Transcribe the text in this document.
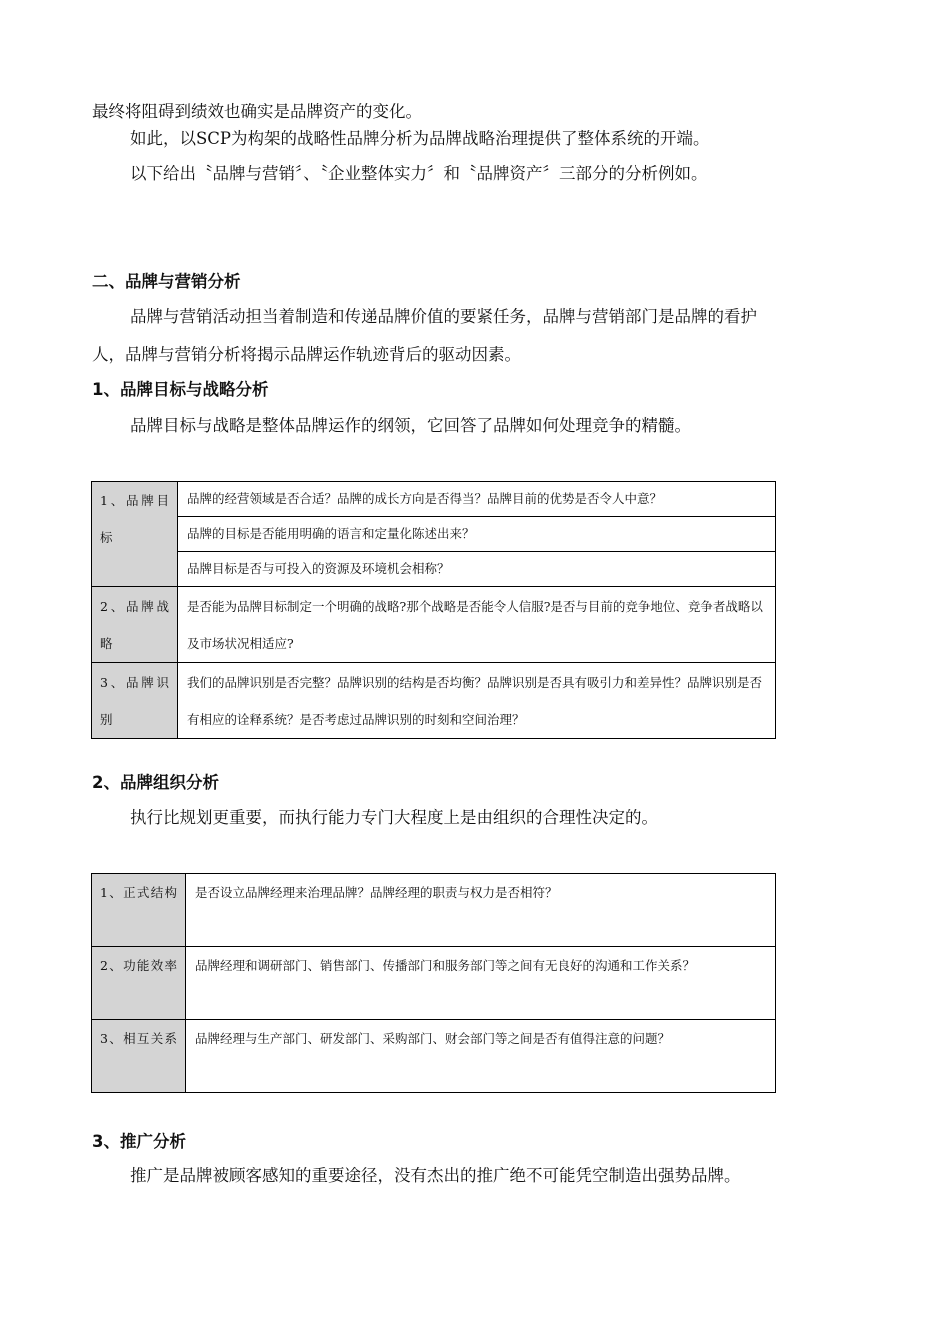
最终将阻碍到绩效也确实是品牌资产的变化。
如此，以SCP为构架的战略性品牌分析为品牌战略治理提供了整体系统的开端。
以下给出〝品牌与营销〞、〝企业整体实力〞和〝品牌资产〞三部分的分析例如。
二、品牌与营销分析
品牌与营销活动担当着制造和传递品牌价值的要紧任务，品牌与营销部门是品牌的看护
人，品牌与营销分析将揭示品牌运作轨迹背后的驱动因素。
1、品牌目标与战略分析
品牌目标与战略是整体品牌运作的纲领，它回答了品牌如何处理竞争的精髓。
1、品牌目标	品牌的经营领域是否合适？品牌的成长方向是否得当？品牌目前的优势是否令人中意？
	品牌的目标是否能用明确的语言和定量化陈述出来？
	品牌目标是否与可投入的资源及环境机会相称？
2、品牌战略	是否能为品牌目标制定一个明确的战略?那个战略是否能令人信服?是否与目前的竞争地位、竞争者战略以及市场状况相适应?
3、品牌识别	我们的品牌识别是否完整？品牌识别的结构是否均衡？品牌识别是否具有吸引力和差异性？品牌识别是否有相应的诠释系统？是否考虑过品牌识别的时刻和空间治理？
2、品牌组织分析
执行比规划更重要，而执行能力专门大程度上是由组织的合理性决定的。
1、正式结构	是否设立品牌经理来治理品牌？品牌经理的职责与权力是否相符？
2、功能效率	品牌经理和调研部门、销售部门、传播部门和服务部门等之间有无良好的沟通和工作关系？
3、相互关系	品牌经理与生产部门、研发部门、采购部门、财会部门等之间是否有值得注意的问题？
3、推广分析
推广是品牌被顾客感知的重要途径，没有杰出的推广绝不可能凭空制造出强势品牌。
